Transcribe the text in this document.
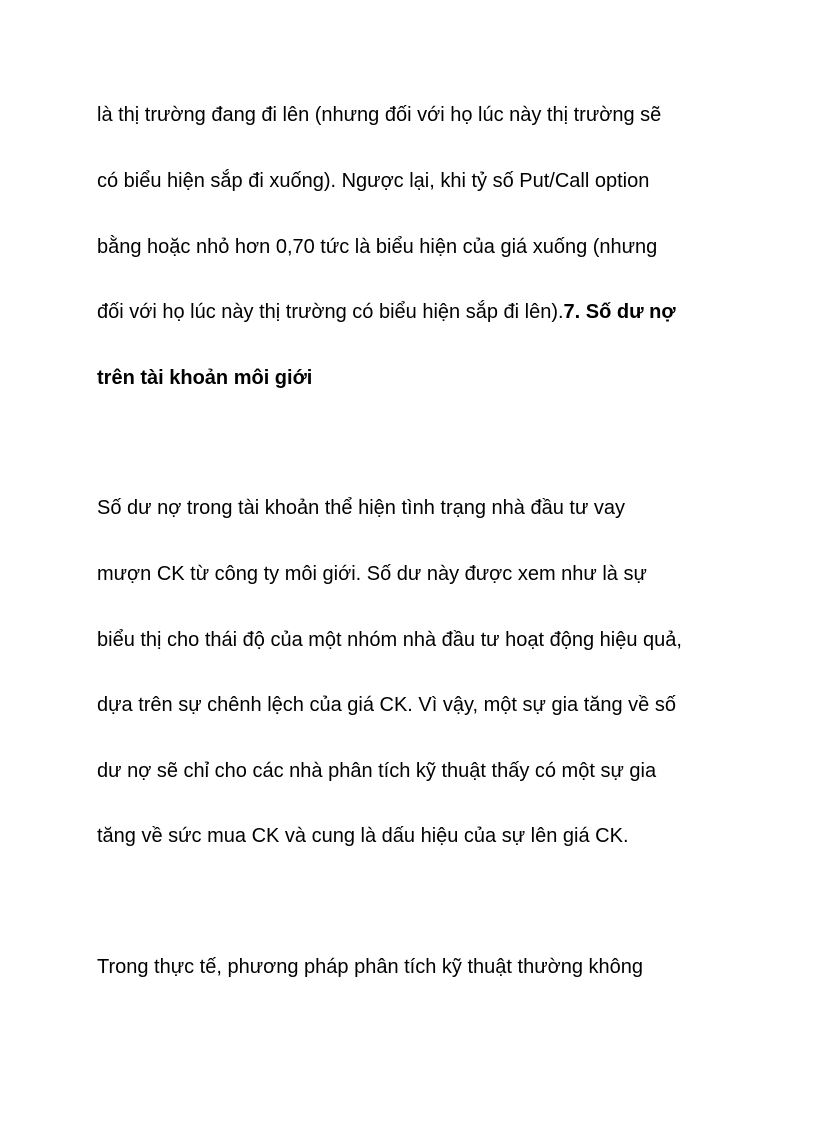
là thị trường đang đi lên (nhưng đối với họ lúc này thị trường sẽ
có biểu hiện sắp đi xuống). Ngược lại, khi tỷ số Put/Call option
bằng hoặc nhỏ hơn 0,70 tức là biểu hiện của giá xuống (nhưng
đối với họ lúc này thị trường có biểu hiện sắp đi lên).7. Số dư nợ
trên tài khoản môi giới
Số dư nợ trong tài khoản thể hiện tình trạng nhà đầu tư vay
mượn CK từ công ty môi giới. Số dư này được xem như là sự
biểu thị cho thái độ của một nhóm nhà đầu tư hoạt động hiệu quả,
dựa trên sự chênh lệch của giá CK. Vì vậy, một sự gia tăng về số
dư nợ sẽ chỉ cho các nhà phân tích kỹ thuật thấy có một sự gia
tăng về sức mua CK và cung là dấu hiệu của sự lên giá CK.
Trong thực tế, phương pháp phân tích kỹ thuật thường không
